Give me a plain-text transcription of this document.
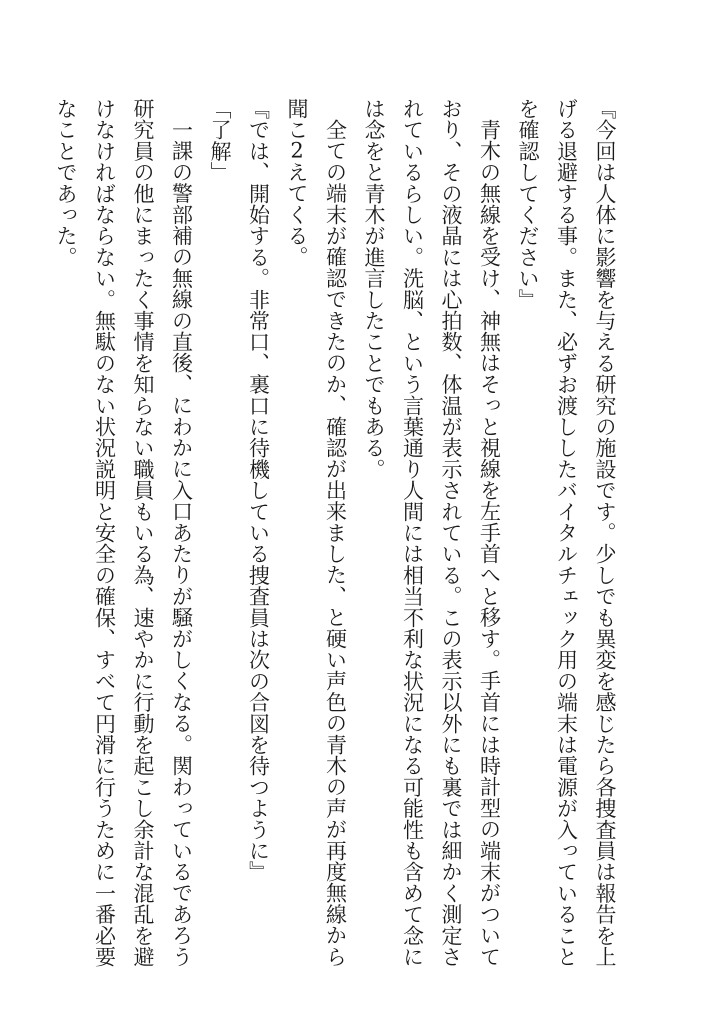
『今回は人体に影響を与える研究の施設です。少しでも異変を感じたら各捜査員は報告を上げる退避する事。また、必ずお渡ししたバイタルチェック用の端末は電源が入っていることを確認してください』

青木の無線を受け、神無はそっと視線を左手首へと移す。手首には時計型の端末がついており、その液晶には心拍数、体温が表示されている。この表示以外にも裏では細かく測定されているらしい。洗脳、という言葉通り人間には相当不利な状況になる可能性も含めて念には念をと青木が進言したことでもある。

全ての端末が確認できたのか、確認が出来ました、と硬い声色の青木の声が再度無線から聞こ2えてくる。

『では、開始する。非常口、裏口に待機している捜査員は次の合図を待つように』

「了解」

一課の警部補の無線の直後、にわかに入口あたりが騒がしくなる。関わっているであろう研究員の他にまったく事情を知らない職員もいる為、速やかに行動を起こし余計な混乱を避けなければならない。無駄のない状況説明と安全の確保、すべて円滑に行うために一番必要なことであった。
